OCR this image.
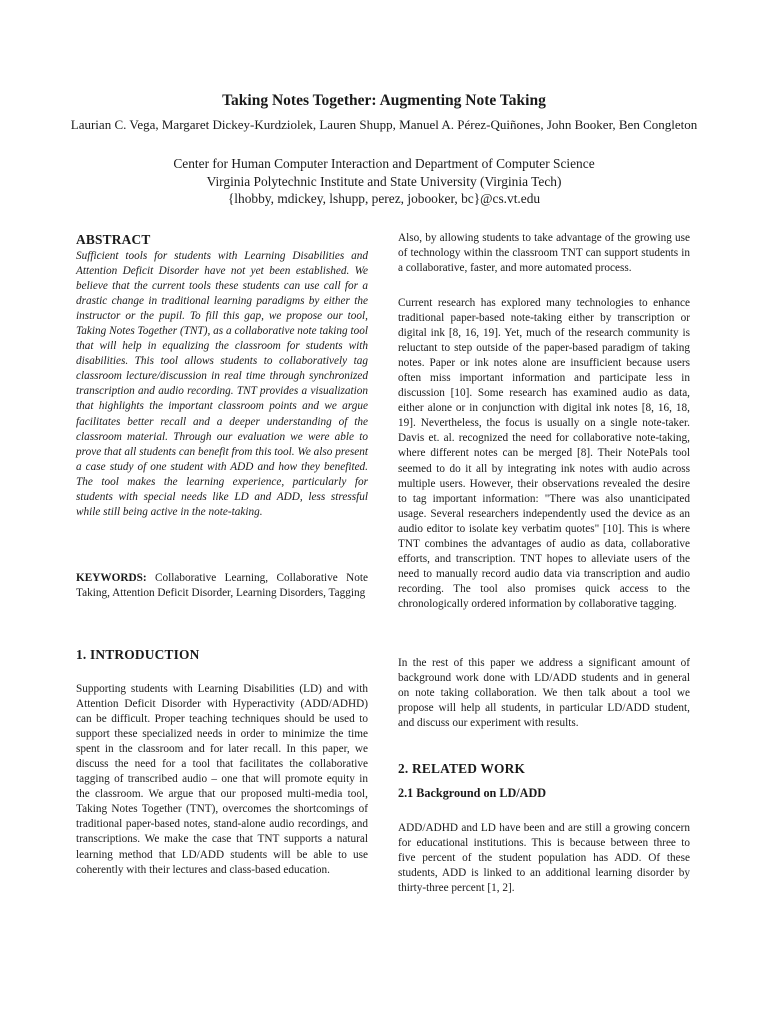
Taking Notes Together: Augmenting Note Taking
Laurian C. Vega, Margaret Dickey-Kurdziolek, Lauren Shupp, Manuel A. Pérez-Quiñones, John Booker, Ben Congleton
Center for Human Computer Interaction and Department of Computer Science
Virginia Polytechnic Institute and State University (Virginia Tech)
{lhobby, mdickey, lshupp, perez, jobooker, bc}@cs.vt.edu
ABSTRACT
Sufficient tools for students with Learning Disabilities and Attention Deficit Disorder have not yet been established. We believe that the current tools these students can use call for a drastic change in traditional learning paradigms by either the instructor or the pupil. To fill this gap, we propose our tool, Taking Notes Together (TNT), as a collaborative note taking tool that will help in equalizing the classroom for students with disabilities. This tool allows students to collaboratively tag classroom lecture/discussion in real time through synchronized transcription and audio recording. TNT provides a visualization that highlights the important classroom points and we argue facilitates better recall and a deeper understanding of the classroom material. Through our evaluation we were able to prove that all students can benefit from this tool. We also present a case study of one student with ADD and how they benefited. The tool makes the learning experience, particularly for students with special needs like LD and ADD, less stressful while still being active in the note-taking.
KEYWORDS: Collaborative Learning, Collaborative Note Taking, Attention Deficit Disorder, Learning Disorders, Tagging
1. INTRODUCTION
Supporting students with Learning Disabilities (LD) and with Attention Deficit Disorder with Hyperactivity (ADD/ADHD) can be difficult. Proper teaching techniques should be used to support these specialized needs in order to minimize the time spent in the classroom and for later recall. In this paper, we discuss the need for a tool that facilitates the collaborative tagging of transcribed audio – one that will promote equity in the classroom. We argue that our proposed multi-media tool, Taking Notes Together (TNT), overcomes the shortcomings of traditional paper-based notes, stand-alone audio recordings, and transcriptions. We make the case that TNT supports a natural learning method that LD/ADD students will be able to use coherently with their lectures and class-based education.
Also, by allowing students to take advantage of the growing use of technology within the classroom TNT can support students in a collaborative, faster, and more automated process.
Current research has explored many technologies to enhance traditional paper-based note-taking either by transcription or digital ink [8, 16, 19]. Yet, much of the research community is reluctant to step outside of the paper-based paradigm of taking notes. Paper or ink notes alone are insufficient because users often miss important information and participate less in discussion [10]. Some research has examined audio as data, either alone or in conjunction with digital ink notes [8, 16, 18, 19]. Nevertheless, the focus is usually on a single note-taker. Davis et. al. recognized the need for collaborative note-taking, where different notes can be merged [8]. Their NotePals tool seemed to do it all by integrating ink notes with audio across multiple users. However, their observations revealed the desire to tag important information: "There was also unanticipated usage. Several researchers independently used the device as an audio editor to isolate key verbatim quotes" [10]. This is where TNT combines the advantages of audio as data, collaborative efforts, and transcription. TNT hopes to alleviate users of the need to manually record audio data via transcription and audio recording. The tool also promises quick access to the chronologically ordered information by collaborative tagging.
In the rest of this paper we address a significant amount of background work done with LD/ADD students and in general on note taking collaboration. We then talk about a tool we propose will help all students, in particular LD/ADD student, and discuss our experiment with results.
2. RELATED WORK
2.1 Background on LD/ADD
ADD/ADHD and LD have been and are still a growing concern for educational institutions. This is because between three to five percent of the student population has ADD. Of these students, ADD is linked to an additional learning disorder by thirty-three percent [1, 2].
